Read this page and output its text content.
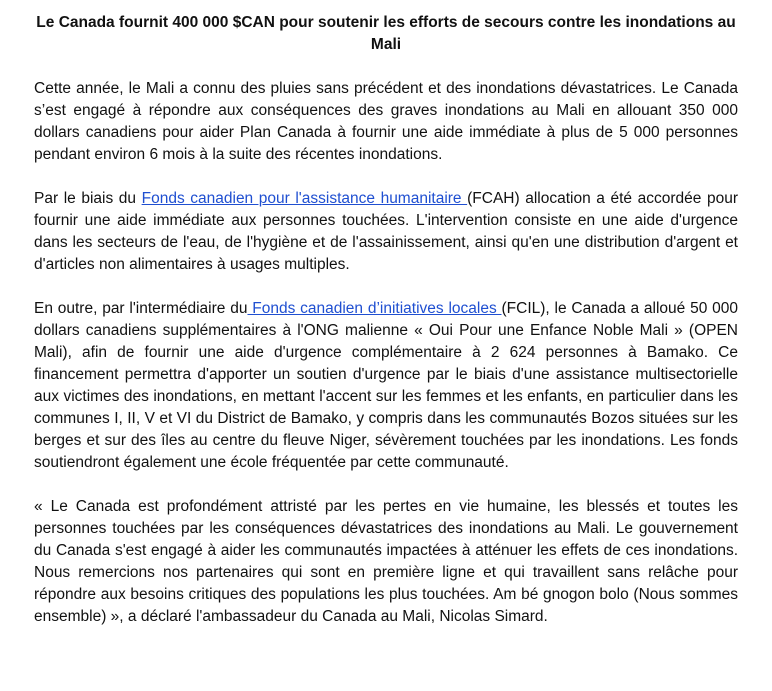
Le Canada fournit 400 000 $CAN pour soutenir les efforts de secours contre les inondations au Mali

Cette année, le Mali a connu des pluies sans précédent et des inondations dévastatrices. Le Canada s’est engagé à répondre aux conséquences des graves inondations au Mali en allouant 350 000 dollars canadiens pour aider Plan Canada à fournir une aide immédiate à plus de 5 000 personnes pendant environ 6 mois à la suite des récentes inondations.

Par le biais du Fonds canadien pour l'assistance humanitaire (FCAH) allocation a été accordée pour fournir une aide immédiate aux personnes touchées. L'intervention consiste en une aide d'urgence dans les secteurs de l'eau, de l'hygiène et de l'assainissement, ainsi qu'en une distribution d'argent et d'articles non alimentaires à usages multiples.

En outre, par l'intermédiaire du Fonds canadien d’initiatives locales (FCIL), le Canada a alloué 50 000 dollars canadiens supplémentaires à l'ONG malienne « Oui Pour une Enfance Noble Mali » (OPEN Mali), afin de fournir une aide d'urgence complémentaire à 2 624 personnes à Bamako. Ce financement permettra d'apporter un soutien d'urgence par le biais d'une assistance multisectorielle aux victimes des inondations, en mettant l'accent sur les femmes et les enfants, en particulier dans les communes I, II, V et VI du District de Bamako, y compris dans les communautés Bozos situées sur les berges et sur des îles au centre du fleuve Niger, sévèrement touchées par les inondations. Les fonds soutiendront également une école fréquentée par cette communauté.

« Le Canada est profondément attristé par les pertes en vie humaine, les blessés et toutes les personnes touchées par les conséquences dévastatrices des inondations au Mali. Le gouvernement du Canada s'est engagé à aider les communautés impactées à atténuer les effets de ces inondations. Nous remercions nos partenaires qui sont en première ligne et qui travaillent sans relâche pour répondre aux besoins critiques des populations les plus touchées. Am bé gnogon bolo (Nous sommes ensemble) », a déclaré l'ambassadeur du Canada au Mali, Nicolas Simard.
